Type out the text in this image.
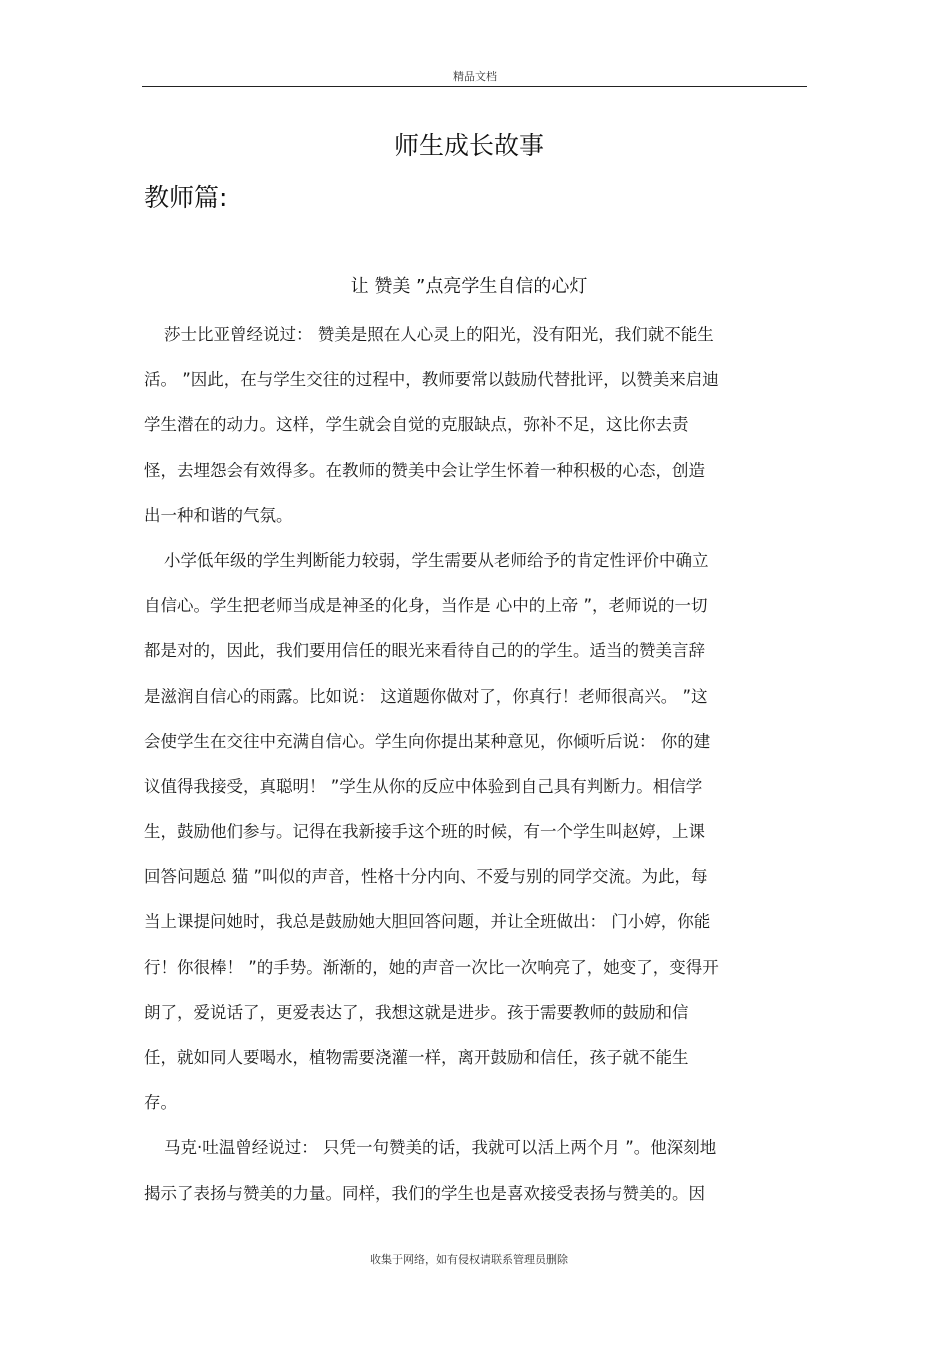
精品文档
师生成长故事
教师篇:
让 赞美 ”点亮学生自信的心灯
莎士比亚曾经说过： 赞美是照在人心灵上的阳光，没有阳光，我们就不能生
活。 ”因此，在与学生交往的过程中，教师要常以鼓励代替批评，以赞美来启迪
学生潜在的动力。这样，学生就会自觉的克服缺点，弥补不足，这比你去责
怪，去埋怨会有效得多。在教师的赞美中会让学生怀着一种积极的心态，创造
出一种和谐的气氛。
小学低年级的学生判断能力较弱，学生需要从老师给予的肯定性评价中确立
自信心。学生把老师当成是神圣的化身，当作是 心中的上帝 ”，老师说的一切
都是对的，因此，我们要用信任的眼光来看待自己的的学生。适当的赞美言辞
是滋润自信心的雨露。比如说： 这道题你做对了，你真行！老师很高兴。 ”这
会使学生在交往中充满自信心。学生向你提出某种意见，你倾听后说： 你的建
议值得我接受，真聪明！ ”学生从你的反应中体验到自己具有判断力。相信学
生，鼓励他们参与。记得在我新接手这个班的时候，有一个学生叫赵婷，上课
回答问题总 猫 ”叫似的声音，性格十分内向、不爱与别的同学交流。为此，每
当上课提问她时，我总是鼓励她大胆回答问题，并让全班做出： 门小婷，你能
行！你很棒！ ”的手势。渐渐的，她的声音一次比一次响亮了，她变了，变得开
朗了，爱说话了，更爱表达了，我想这就是进步。孩于需要教师的鼓励和信
任，就如同人要喝水，植物需要浇灌一样，离开鼓励和信任，孩子就不能生
存。
马克·吐温曾经说过： 只凭一句赞美的话，我就可以活上两个月 ”。他深刻地
揭示了表扬与赞美的力量。同样，我们的学生也是喜欢接受表扬与赞美的。因
收集于网络，如有侵权请联系管理员删除
